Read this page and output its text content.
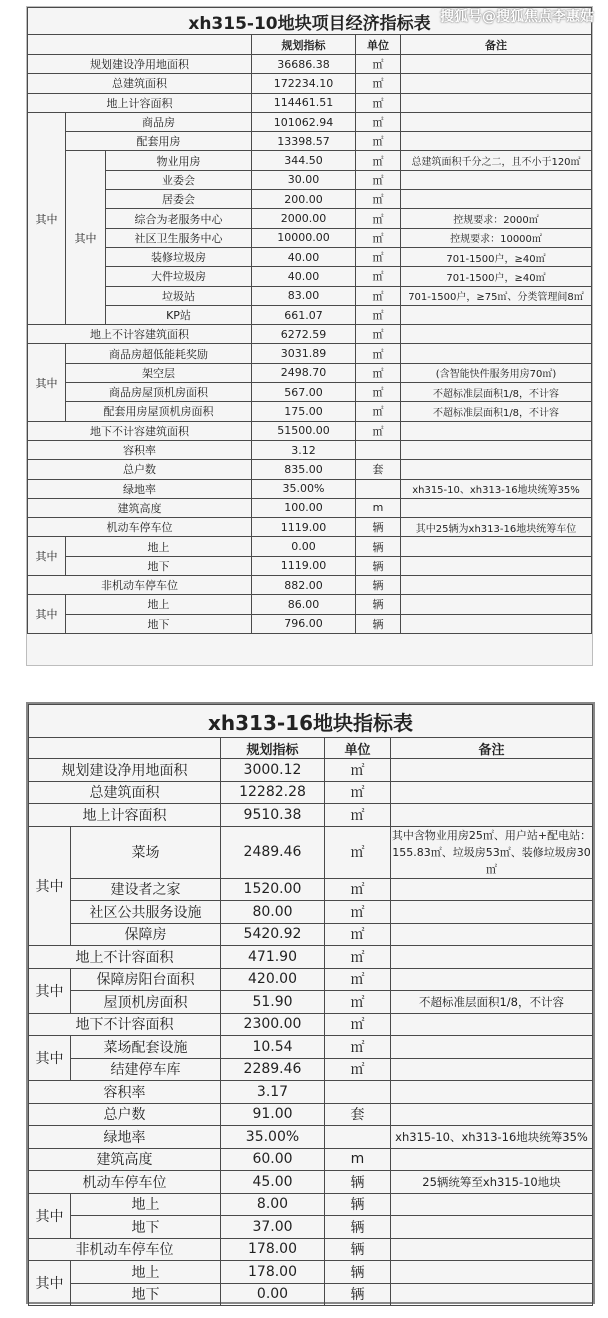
搜狐号@搜狐焦点李惠姑
xh315-10地块项目经济指标表					
			规划指标	单位	备注
规划建设净用地面积			36686.38	㎡	
总建筑面积			172234.10	㎡	
地上计容面积			114461.51	㎡	
其中	商品房		101062.94	㎡	
	配套用房		13398.57	㎡	
	其中	物业用房	344.50	㎡	总建筑面积千分之二，且不小于120㎡
		业委会	30.00	㎡	
		居委会	200.00	㎡	
		综合为老服务中心	2000.00	㎡	控规要求：2000㎡
		社区卫生服务中心	10000.00	㎡	控规要求：10000㎡
		装修垃圾房	40.00	㎡	701-1500户，≥40㎡
		大件垃圾房	40.00	㎡	701-1500户，≥40㎡
		垃圾站	83.00	㎡	701-1500户，≥75㎡、分类管理间8㎡
		KP站	661.07	㎡	
地上不计容建筑面积			6272.59	㎡	
其中	商品房超低能耗奖励		3031.89	㎡	
	架空层		2498.70	㎡	(含智能快件服务用房70㎡)
	商品房屋顶机房面积		567.00	㎡	不超标准层面积1/8，不计容
	配套用房屋顶机房面积		175.00	㎡	不超标准层面积1/8，不计容
地下不计容建筑面积			51500.00	㎡	
容积率			3.12		
总户数			835.00	套	
绿地率			35.00%		xh315-10、xh313-16地块统筹35%
建筑高度			100.00	m	
机动车停车位			1119.00	辆	其中25辆为xh313-16地块统筹车位
其中	地上		0.00	辆	
	地下		1119.00	辆	
非机动车停车位			882.00	辆	
其中	地上		86.00	辆	
	地下		796.00	辆	
xh313-16地块指标表				
		规划指标	单位	备注
规划建设净用地面积		3000.12	㎡	
总建筑面积		12282.28	㎡	
地上计容面积		9510.38	㎡	
其中	菜场	2489.46	㎡	其中含物业用房25㎡、用户站+配电站：155.83㎡、垃圾房53㎡、装修垃圾房30㎡
	建设者之家	1520.00	㎡	
	社区公共服务设施	80.00	㎡	
	保障房	5420.92	㎡	
地上不计容面积		471.90	㎡	
其中	保障房阳台面积	420.00	㎡	
	屋顶机房面积	51.90	㎡	不超标准层面积1/8，不计容
地下不计容面积		2300.00	㎡	
其中	菜场配套设施	10.54	㎡	
	结建停车库	2289.46	㎡	
容积率		3.17		
总户数		91.00	套	
绿地率		35.00%		xh315-10、xh313-16地块统筹35%
建筑高度		60.00	m	
机动车停车位		45.00	辆	25辆统筹至xh315-10地块
其中	地上	8.00	辆	
	地下	37.00	辆	
非机动车停车位		178.00	辆	
其中	地上	178.00	辆	
	地下	0.00	辆	
